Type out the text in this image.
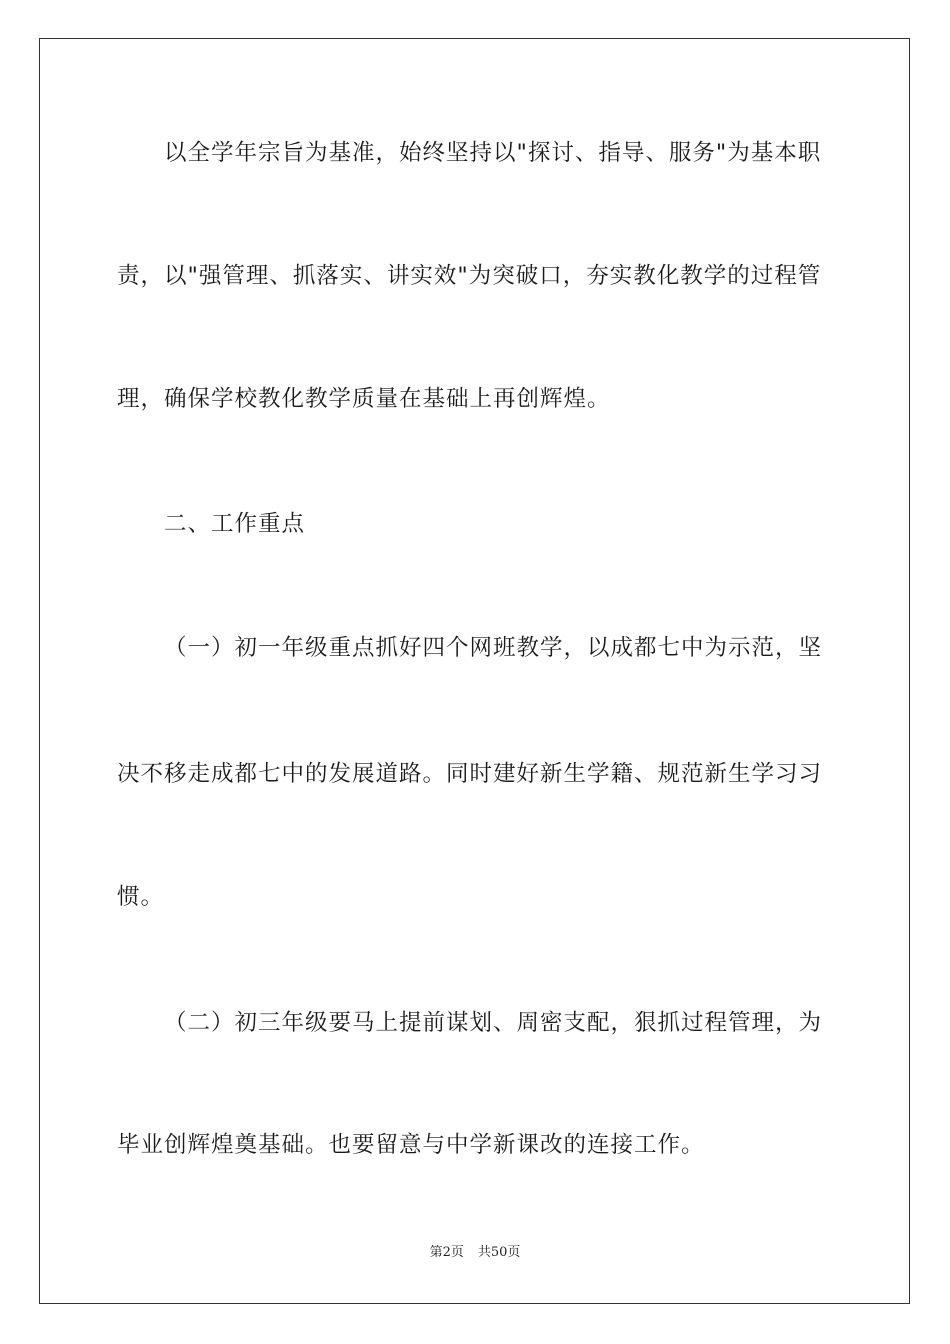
以全学年宗旨为基准，始终坚持以"探讨、指导、服务"为基本职
责，以"强管理、抓落实、讲实效"为突破口，夯实教化教学的过程管
理，确保学校教化教学质量在基础上再创辉煌。
二、工作重点
（一）初一年级重点抓好四个网班教学，以成都七中为示范，坚
决不移走成都七中的发展道路。同时建好新生学籍、规范新生学习习
惯。
（二）初三年级要马上提前谋划、周密支配，狠抓过程管理，为
毕业创辉煌奠基础。也要留意与中学新课改的连接工作。
第2页 共50页
